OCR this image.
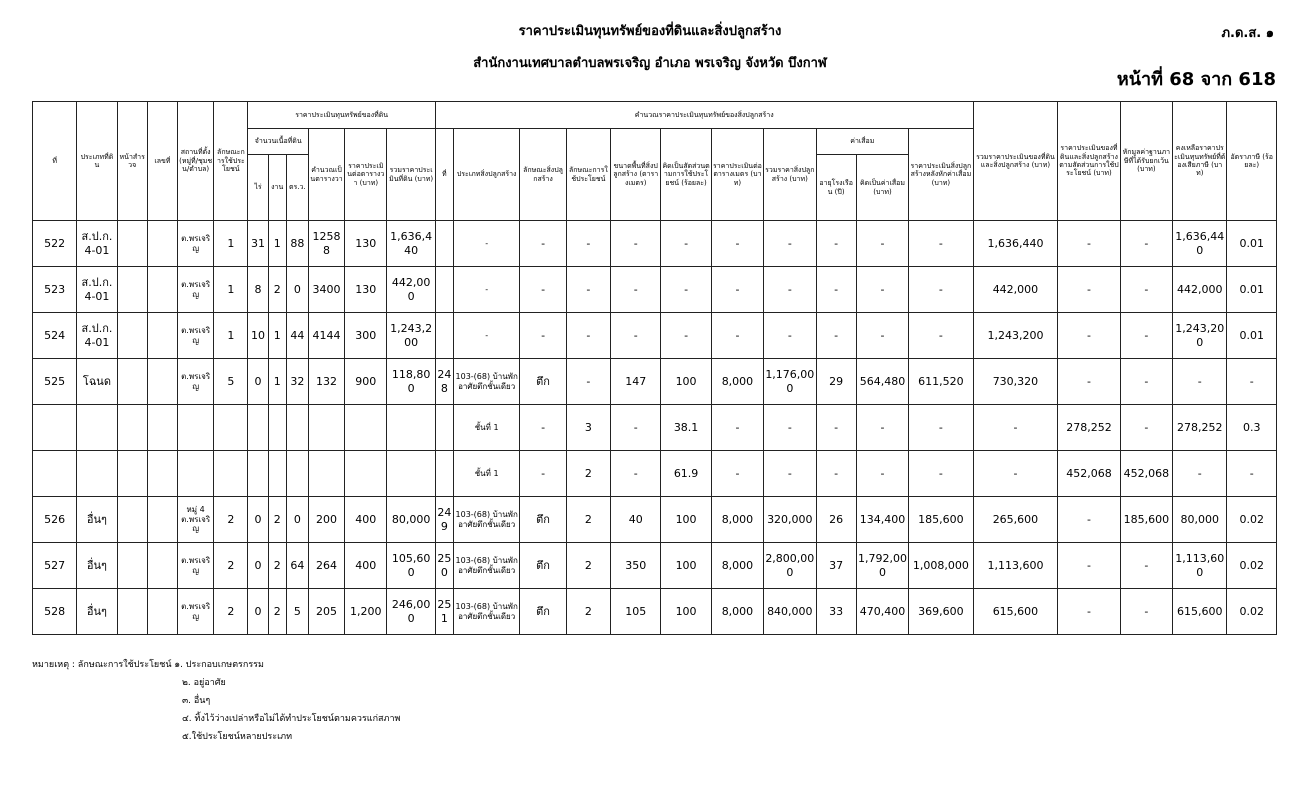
ราคาประเมินทุนทรัพย์ของที่ดินและสิ่งปลูกสร้าง
สำนักงานเทศบาลตำบลพรเจริญ อำเภอ พรเจริญ จังหวัด บึงกาฬ
ภ.ด.ส. ๑
หน้าที่ 68 จาก 618
ที่	ประเภทที่ดิน	หน้าสำรวจ	เลขที่	สถานที่ตั้ง(หมู่ที่/ชุมชน/ตำบล)	ลักษณะการใช้ประโยชน์	ราคาประเมินทุนทรัพย์ของที่ดิน						คำนวณราคาประเมินทุนทรัพย์ของสิ่งปลูกสร้าง											รวมราคาประเมินของที่ดินและสิ่งปลูกสร้าง (บาท)	ราคาประเมินของที่ดินและสิ่งปลูกสร้างตามสัดส่วนการใช้ประโยชน์ (บาท)	หักมูลค่าฐานภาษีที่ได้รับยกเว้น (บาท)	คงเหลือราคาประเมินทุนทรัพย์ที่ต้องเสียภาษี (บาท)	อัตราภาษี (ร้อยละ)
						จำนวนเนื้อที่ดิน			คำนวณเป็นตารางวา	ราคาประเมินต่อตารางวา (บาท)	รวมราคาประเมินที่ดิน (บาท)	ที่	ประเภทสิ่งปลูกสร้าง	ลักษณะสิ่งปลูกสร้าง	ลักษณะการใช้ประโยชน์	ขนาดพื้นที่สิ่งปลูกสร้าง (ตารางเมตร)	คิดเป็นสัดส่วนตามการใช้ประโยชน์ (ร้อยละ)	ราคาประเมินต่อตารางเมตร (บาท)	รวมราคาสิ่งปลูกสร้าง (บาท)	ค่าเสื่อม		ราคาประเมินสิ่งปลูกสร้างหลังหักค่าเสื่อม (บาท)					
						ไร่	งาน	ตร.ว.												อายุโรงเรือน (ปี)	คิดเป็นค่าเสื่อม (บาท)						
522	ส.ป.ก. 4-01			ต.พรเจริญ	1	31	1	88	12588	130	1,636,440		-	-	-	-	-	-	-	-	-	-	1,636,440	-	-	1,636,440	0.01
523	ส.ป.ก. 4-01			ต.พรเจริญ	1	8	2	0	3400	130	442,000		-	-	-	-	-	-	-	-	-	-	442,000	-	-	442,000	0.01
524	ส.ป.ก. 4-01			ต.พรเจริญ	1	10	1	44	4144	300	1,243,200		-	-	-	-	-	-	-	-	-	-	1,243,200	-	-	1,243,200	0.01
525	โฉนด			ต.พรเจริญ	5	0	1	32	132	900	118,800	248	103-(68) บ้านพักอาศัยตึกชั้นเดียว	ตึก	-	147	100	8,000	1,176,000	29	564,480	611,520	730,320	-	-	-	-
													ชั้นที่ 1	-	3	-	38.1	-	-	-	-	-	-	278,252	-	278,252	0.3
													ชั้นที่ 1	-	2	-	61.9	-	-	-	-	-	-	452,068	452,068	-	-
526	อื่นๆ			หมู่ 4 ต.พรเจริญ	2	0	2	0	200	400	80,000	249	103-(68) บ้านพักอาศัยตึกชั้นเดียว	ตึก	2	40	100	8,000	320,000	26	134,400	185,600	265,600	-	185,600	80,000	0.02
527	อื่นๆ			ต.พรเจริญ	2	0	2	64	264	400	105,600	250	103-(68) บ้านพักอาศัยตึกชั้นเดียว	ตึก	2	350	100	8,000	2,800,000	37	1,792,000	1,008,000	1,113,600	-	-	1,113,600	0.02
528	อื่นๆ			ต.พรเจริญ	2	0	2	5	205	1,200	246,000	251	103-(68) บ้านพักอาศัยตึกชั้นเดียว	ตึก	2	105	100	8,000	840,000	33	470,400	369,600	615,600	-	-	615,600	0.02
หมายเหตุ : ลักษณะการใช้ประโยชน์ ๑. ประกอบเกษตรกรรม
๒. อยู่อาศัย
๓. อื่นๆ
๔. ทิ้งไว้ว่างเปล่าหรือไม่ได้ทำประโยชน์ตามควรแก่สภาพ
๕.ใช้ประโยชน์หลายประเภท
